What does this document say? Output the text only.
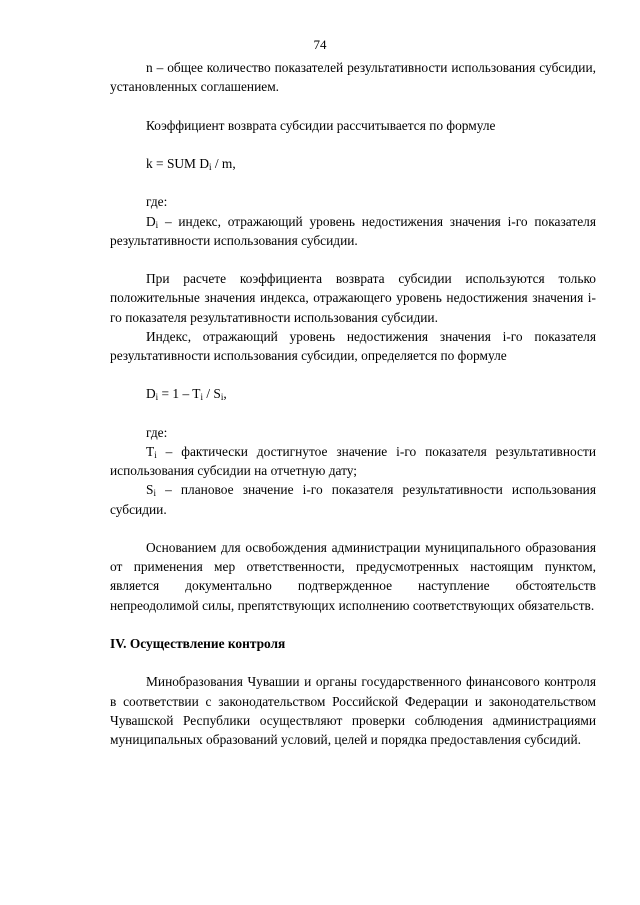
74

n – общее количество показателей результативности использования субсидии, установленных соглашением.

Коэффициент возврата субсидии рассчитывается по формуле

k = SUM $D_i$ / m,

где:

$D_i$ – индекс, отражающий уровень недостижения значения i-го показателя результативности использования субсидии.

При расчете коэффициента возврата субсидии используются только положительные значения индекса, отражающего уровень недостижения значения i-го показателя результативности использования субсидии.

Индекс, отражающий уровень недостижения значения i-го показателя результативности использования субсидии, определяется по формуле

$D_i = 1 - T_i / S_i$,

где:

$T_i$ – фактически достигнутое значение i-го показателя результативности использования субсидии на отчетную дату;

$S_i$ – плановое значение i-го показателя результативности использования субсидии.

Основанием для освобождения администрации муниципального образования от применения мер ответственности, предусмотренных настоящим пунктом, является документально подтвержденное наступление обстоятельств непреодолимой силы, препятствующих исполнению соответствующих обязательств.

IV. Осуществление контроля

Минобразования Чувашии и органы государственного финансового контроля в соответствии с законодательством Российской Федерации и законодательством Чувашской Республики осуществляют проверки соблюдения администрациями муниципальных образований условий, целей и порядка предоставления субсидий.
